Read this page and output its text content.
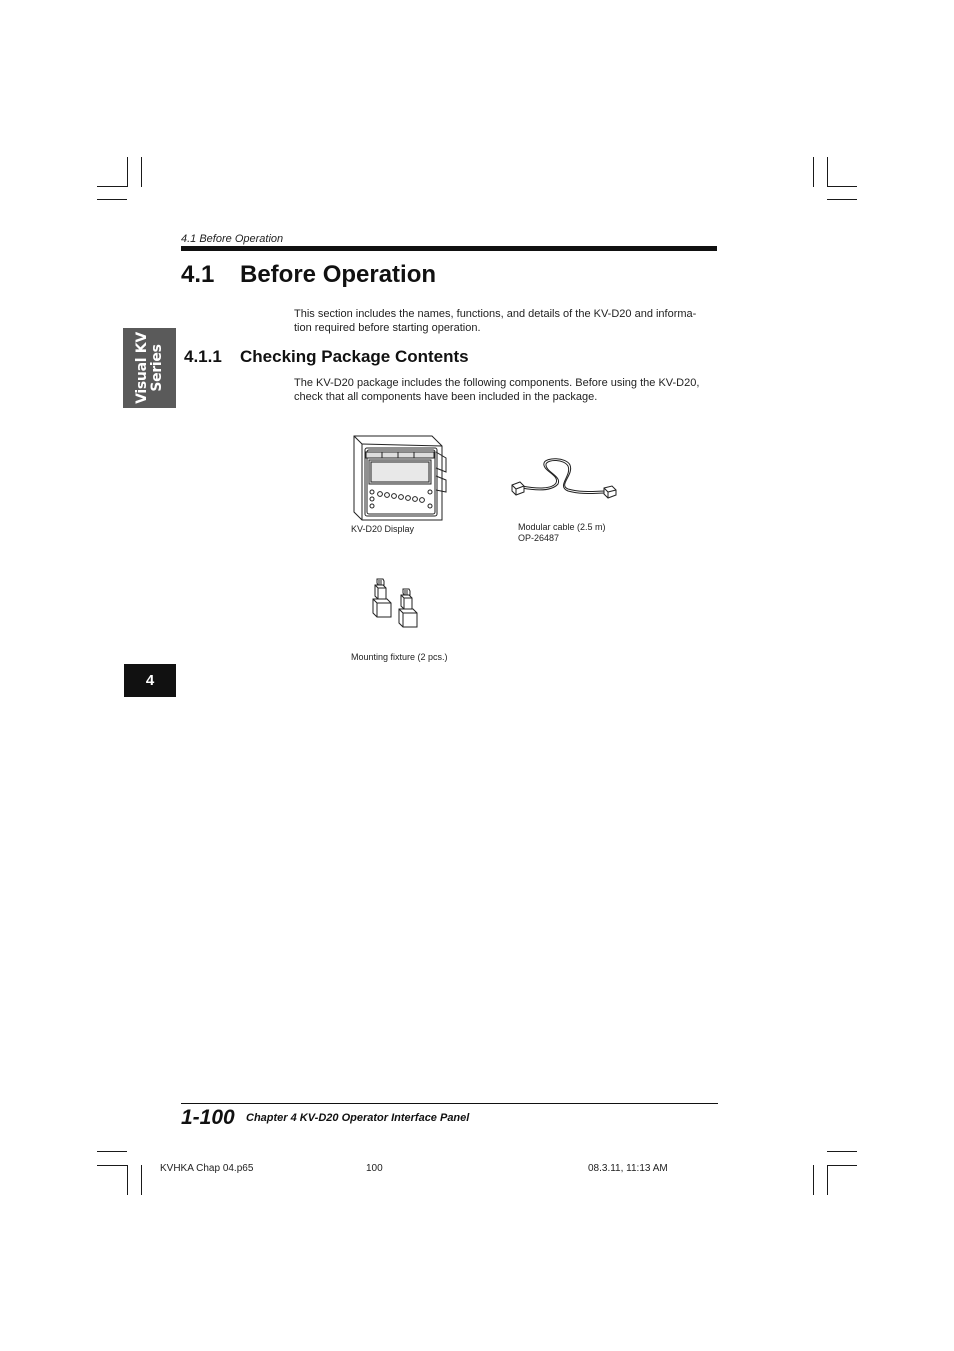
4.1 Before Operation
4.1 Before Operation
This section includes the names, functions, and details of the KV-D20 and informa-
tion required before starting operation.
Visual KV Series 4.1.1 Checking Package Contents
The KV-D20 package includes the following components. Before using the KV-D20,
check that all components have been included in the package.
KV-D20 Display	Modular cable (2.5 m)
OP-26487
Mounting fixture (2 pcs.)
4
1-100 Chapter 4 KV-D20 Operator Interface Panel
KVHKA Chap 04.p65	100	08.3.11, 11:13 AM
